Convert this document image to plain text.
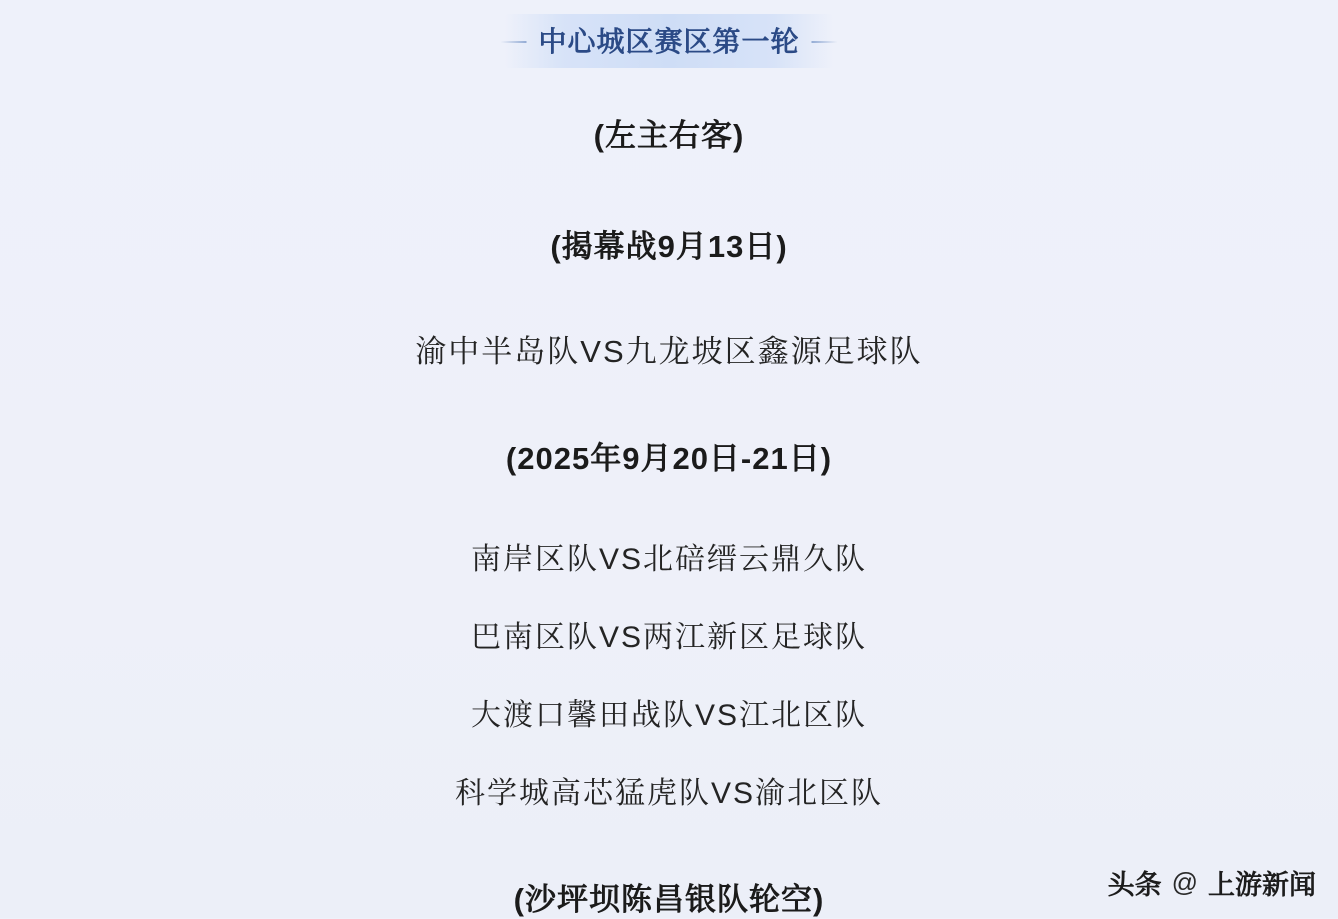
中心城区赛区第一轮
(左主右客)
(揭幕战9月13日)
渝中半岛队VS九龙坡区鑫源足球队
(2025年9月20日-21日)
南岸区队VS北碚缙云鼎久队
巴南区队VS两江新区足球队
大渡口馨田战队VS江北区队
科学城高芯猛虎队VS渝北区队
(沙坪坝陈昌银队轮空)	头条 @ 上游新闻
